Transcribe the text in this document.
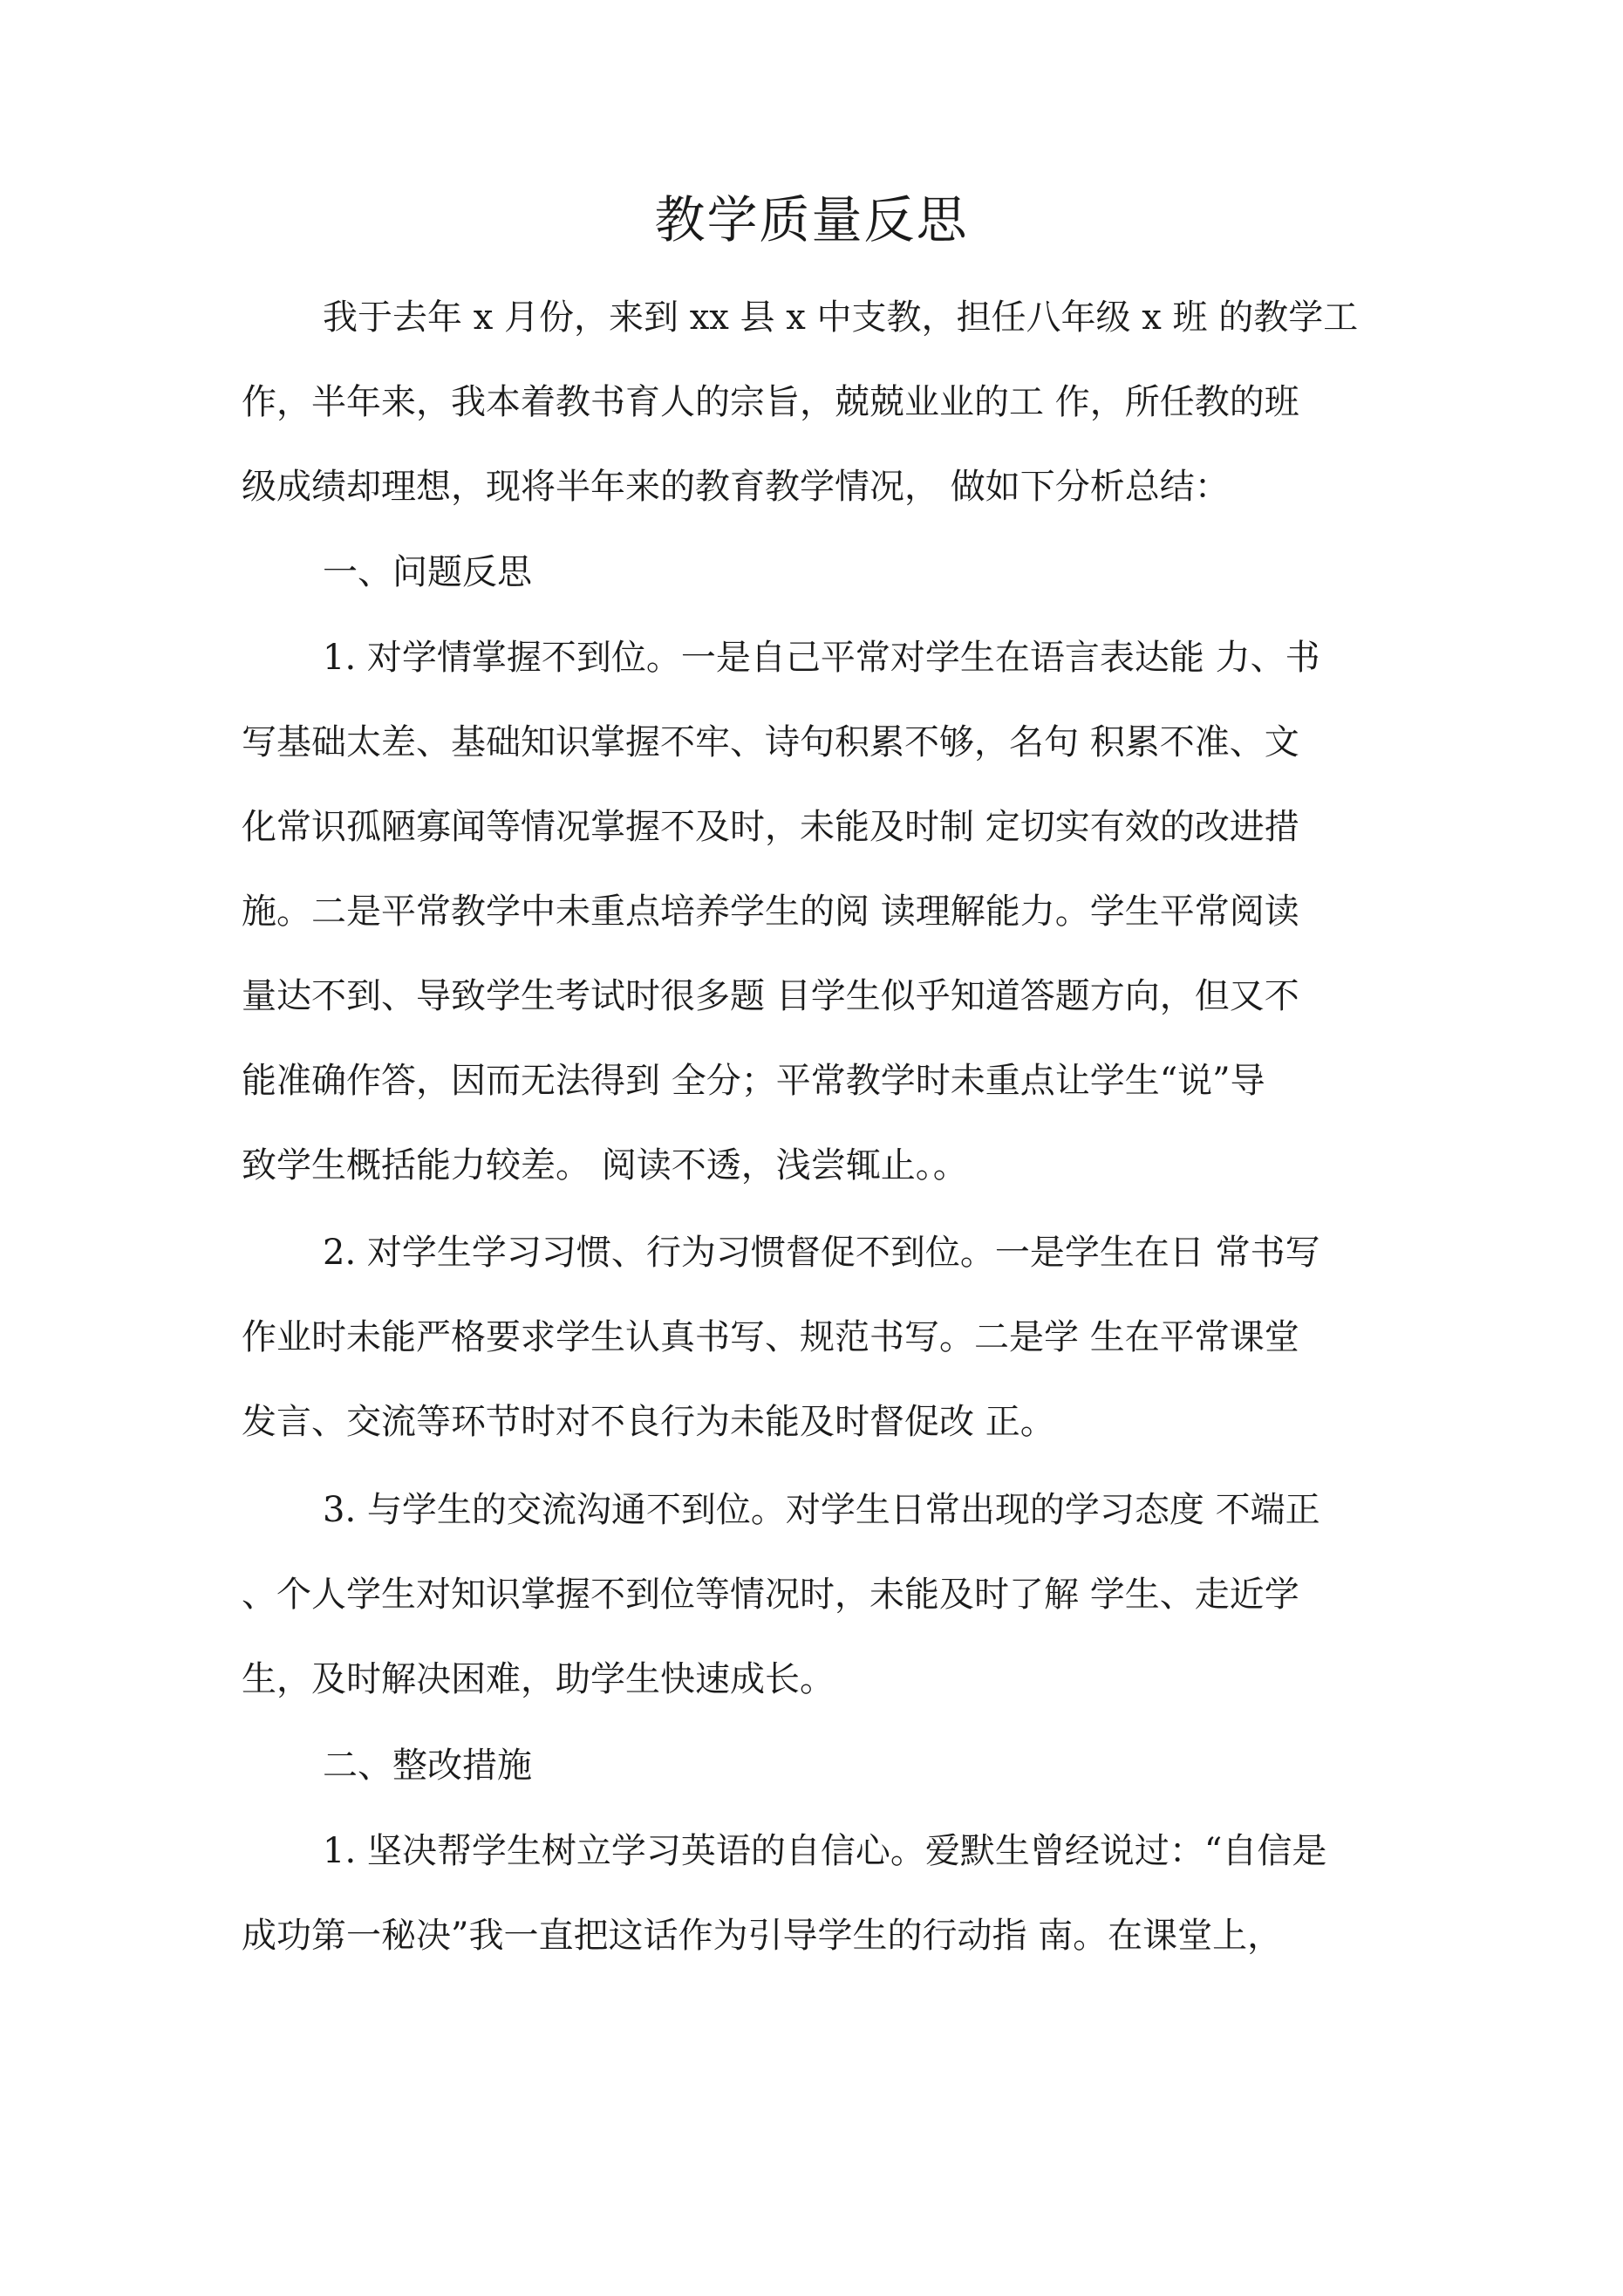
教学质量反思

我于去年 x 月份，来到 xx 县 x 中支教，担任八年级 x 班 的教学工

作，半年来，我本着教书育人的宗旨，兢兢业业的工 作，所任教的班

级成绩却理想，现将半年来的教育教学情况， 做如下分析总结：

一、问题反思

1. 对学情掌握不到位。一是自己平常对学生在语言表达能 力、书

写基础太差、基础知识掌握不牢、诗句积累不够，名句 积累不准、文

化常识孤陋寡闻等情况掌握不及时，未能及时制 定切实有效的改进措

施。二是平常教学中未重点培养学生的阅 读理解能力。学生平常阅读

量达不到、导致学生考试时很多题 目学生似乎知道答题方向，但又不

能准确作答，因而无法得到 全分；平常教学时未重点让学生“说”导

致学生概括能力较差。 阅读不透，浅尝辄止。。

2. 对学生学习习惯、行为习惯督促不到位。一是学生在日 常书写

作业时未能严格要求学生认真书写、规范书写。二是学 生在平常课堂

发言、交流等环节时对不良行为未能及时督促改 正。

3. 与学生的交流沟通不到位。对学生日常出现的学习态度 不端正

、个人学生对知识掌握不到位等情况时，未能及时了解 学生、走近学

生，及时解决困难，助学生快速成长。

二、整改措施

1. 坚决帮学生树立学习英语的自信心。爱默生曾经说过：“自信是

成功第一秘决”我一直把这话作为引导学生的行动指 南。在课堂上，
